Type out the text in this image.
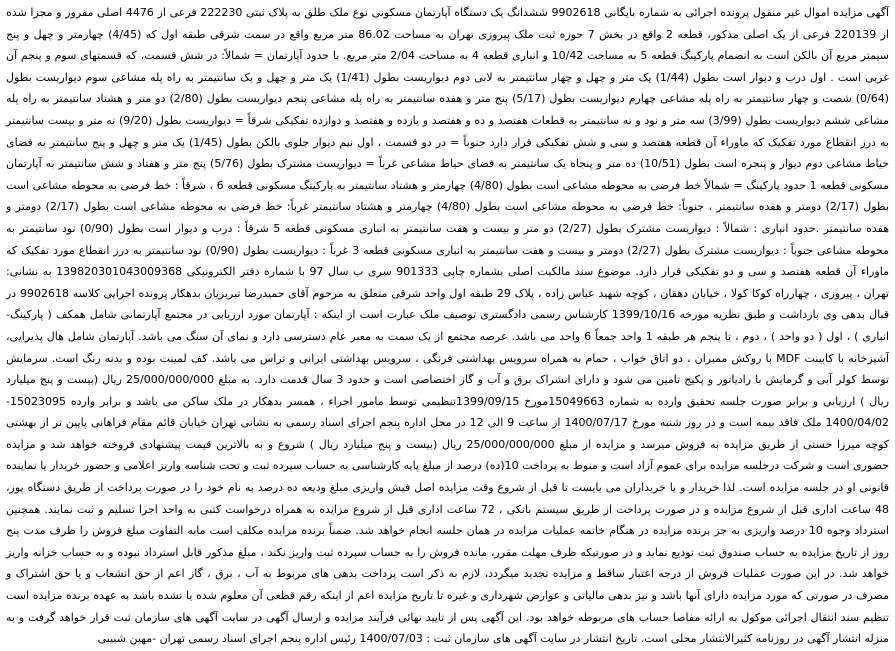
آگهی مزایده اموال غیر منقول پرونده اجرائی به شماره بایگانی 9902618 ششدانگ یک دستگاه آپارتمان مسکونی نوع ملک طلق به پلاک ثبتی 222230 فرعی از 4476 اصلی مفروز و مجزا شده از 220139 فرعی از یک اصلی مذکور، قطعه 2 واقع در بخش 7 حوزه ثبت ملک پیروزی تهران به مساحت 86.02 متر مربع واقع در سمت شرقی طبقه اول که (4/45) چهارمتر و چهل و پنج سیمتر مربع آن بالکن است به انضمام پارکینگ قطعه 5 به مساحت 10/42 و انباری قطعه 4 به مساحت 2/04 متر مربع. با حدود آپارتمان = شمالاً: در شش قسمت، که قسمتهای سوم و پنجم آن غربی است . اول درب و دیوار است بطول (1/44) یک متر و چهل و چهار سانتیمتر به لابی دوم دیواریست بطول (1/41) یک متر و چهل و یک سانتیمتر به راه پله مشاعی سوم دیواریست بطول (0/64) شصت و چهار سانتیمتر به راه پله مشاعی چهارم دیواریست بطول (5/17) پنج متر و هفده سانتیمتر به راه پله مشاعی پنجم دیواریست بطول (2/80) دو متر و هشتاد سانتیمتر به راه پله مشاعی ششم دیواریست بطول (3/99) سه متر و نود و نه سانتیمتر به قطعات هفتصد و ده و هفتصد و یازده و هفتصد و دوازده تفکیکی شرقاً = دیواریست بطول (9/20) نه متر و بیست سانتیمتر به درز انقطاع مورد تفکیک که ماوراء آن قطعه هفتصد و سی و شش تفکیکی قرار دارد جنوباً = در دو قسمت ، اول نیم دیوار جلوی بالکن بطول (1/45) یک متر و چهل و پنج سانتیمتر به فضای حیاط مشاعی دوم دیوار و پنجره است بطول (10/51) ده متر و پنجاه یک سانتیمتر به فضای حیاط مشاعی غرباً = دیواریست مشترک بطول (5/76) پنج متر و هفتاد و شش سانتیمتر به آپارتمان مسکونی قطعه 1 حدود پارکینگ = شمالاً خط فرضی به محوطه مشاعی است بطول (4/80) چهارمتر و هشتاد سانتیمتر به پارکینگ مسکونی قطعه 6 ، شرقاً : خط فرضی به محوطه مشاعی است بطول (2/17) دومتر و هفده سانتیمتر ، جنوباً: خط فرضی به محوطه مشاعی است بطول (4/80) چهارمتر و هشتاد سانتیمتر غرباً: خط فرضی به محوطه مشاعی است بطول (2/17) دومتر و هفده سانتیمتر .حدود انباری : شمالاً : دیواریست مشترک بطول (2/27) دو متر و بیست و هفت سانتیمتر به انباری مسکونی قطعه 5 شرقاً : درب و دیوار است بطول (0/90) نود سانتیمتر به محوطه مشاعی جنوباً : دیواریست مشترک بطول (2/27) دومتر و بیست و هفت سانتیمتر به انباری مسکونی قطعه 3 غرباً : دیواریست بطول (0/90) نود سانتیمتر به درز انقطاع مورد تفکیک که ماوراء آن قطعه هفتصد و سی و دو تفکیکی قرار دارد. موضوع سند مالکیت اصلی بشماره چاپی 901333 سری ب سال 97 با شماره دفتر الکترونیکی 139820301043009368 به نشانی: تهران ، پیروزی ، چهارراه کوکا کولا ، خیابان دهقان ، کوچه شهید عباس زاده ، پلاک 29 طبقه اول واحد شرقی متعلق به مرحوم آقای حمیدرضا تبریزیان بدهکار پرونده اجرایی کلاسه 9902618 در قبال بدهی وی بازداشت و طبق نظریه مورخه 1399/10/16 کارشناس رسمی دادگستری توصیف ملک عبارت است از اینکه : آپارتمان مورد ارزیابی در مجتمع آپارتمانی شامل همکف ( پارکینگ- انباری ) ، اول ( دو واحد ) ، دوم ، تا پنجم هر طبقه 1 واحد جمعاً 6 واحد می باشد. عرصه مجتمع از یک سمت به معبر عام دسترسی دارد و نمای آن سنگ می باشد. آپارتمان شامل هال پذیرایی، آشپزخانه با کابینت MDF با روکش ممبران ، دو اتاق خواب ، حمام به همراه سرویس بهداشتی فرنگی ، سرویس بهداشتی ایرانی و تراس می باشد. کف لمینت بوده و بدنه رنگ است. سرمایش توسط کولر آبی و گرمایش با رادیاتور و پکیج تامین می شود و دارای انشراک برق و آب و گاز اختصاصی است و حدود 3 سال قدمت دارد. به مبلغ 25/000/000/000 ریال (بیست و پنج میلیارد ریال ) ارزیابی و برابر صورت جلسه تحقیق وارده به شماره 15049663مورخ 1399/09/15تنظیمی توسط مامور اجراء ، همسر بدهکار در ملک ساکن می باشد و برابر وارده 15023095-1400/04/02 ملک فاقد بیمه است و در روز شنبه مورخ 1400/07/17 از ساعت 9 الی 12 در محل اداره پنجم اجرای اسناد رسمی به نشانی تهران خیابان قائم مقام فراهانی پایین تر از بهشتی کوچه میرزا حسنی از طریق مزایده به فروش میرسد و مزایده از مبلغ 25/000/000/000 ریال (بیست و پنج میلیارد ریال ) شروع و به بالاترین قیمت پیشنهادی فروخته خواهد شد و مزایده حضوری است و شرکت درجلسه مزایده برای عموم آزاد است و منوط به پرداخت 10(ده) درصد از مبلغ پایه کارشناسی به حساب سپرده ثبت و تحت شناسه واریز اعلامی و حضور خریدار یا نماینده قانونی او در جلسه مزایده است. لذا خریدار و یا خریداران می بایست تا قبل از شروع وقت مزایده اصل فیش واریزی مبلغ ودیعه ده درصد به نام خود را در صورت پرداخت از طریق دستگاه پوز، 48 ساعت اداری قبل از شروع مزایده و در صورت پرداخت از طریق سیستم بانکی ، 72 ساعت اداری قبل از شروع مزایده به همراه درخواست کتبی به واحد اجرا تسلیم و ثبت نمایند. همچنین استرداد وجوه 10 درصد واریزی به جز برنده مزایده در هنگام خاتمه عملیات مزایده در همان جلسه انجام خواهد شد. ضمناً برنده مزایده مکلف است مابه التفاوت مبلغ فروش را ظرف مدت پنج روز از تاریخ مزایده به حساب صندوق ثبت تودیع نماید و در صورتیکه ظرف مهلت مقرر، مانده فروش را به حساب سپرده ثبت واریز نکند ، مبلغ مذکور قابل استرداد نبوده و به حساب خزانه واریز خواهد شد. در این صورت عملیات فروش از درجه اعتبار ساقط و مزایده تجدید میگردد، لازم به ذکر است پرداخت بدهی های مربوط به آب ، برق ، گاز اعم از حق انشعاب و یا حق اشتراک و مصرف در صورتی که مورد مزایده دارای آنها باشد و نیز بدهی مالیاتی و عوارض شهرداری و غیره تا تاریخ مزایده اعم از اینکه رقم قطعی آن معلوم شده یا نشده باشد به عهده برنده مزایده است تنظیم سند انتقال اجرائی موکول به ارائه مفاصا حساب های مربوطه خواهد بود. این آگهی پس از تایید نهائی فرآیند مزایده و ارسال آگهی در سایت آگهی های سازمان ثبت قرار خواهد گرفت و به منزله انتشار آگهی در روزنامه کثیرالانتشار محلی است. تاریخ انتشار در سایت آگهی های سازمان ثبت : 1400/07/03 رئیس اداره پنجم اجرای اسناد رسمی تهران -مهین شبیبی
